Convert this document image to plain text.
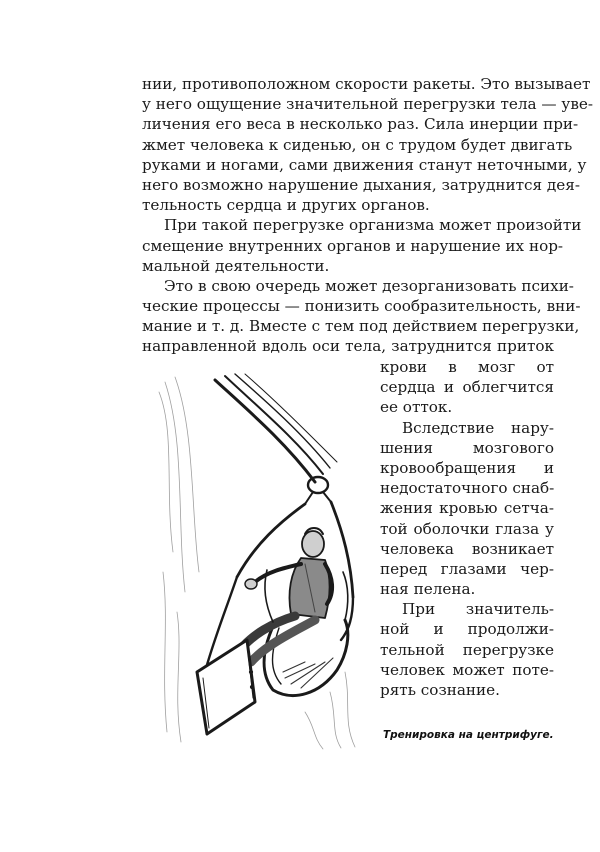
нии, противоположном скорости ракеты. Это вызывает
у него ощущение значительной перегрузки тела — уве-
личения его веса в несколько раз. Сила инерции при-
жмет человека к сиденью, он с трудом будет двигать
руками и ногами, сами движения станут неточными, у
него возможно нарушение дыхания, затруднится дея-
тельность сердца и других органов.
При такой перегрузке организма может произойти
смещение внутренних органов и нарушение их нор-
мальной деятельности.
Это в свою очередь может дезорганизовать психи-
ческие процессы — понизить сообразительность, вни-
мание и т. д. Вместе с тем под действием перегрузки,
направленной вдоль оси тела, затруднится приток
крови в мозг от
сердца и облегчится
ее отток.
Вследствие нару-
шения мозгового
кровообращения и
недостаточного снаб-
жения кровью сетча-
той оболочки глаза у
человека возникает
перед глазами чер-
ная пелена.
При значитель-
ной и продолжи-
тельной перегрузке
человек может поте-
рять сознание.
Тренировка на центрифуге.
